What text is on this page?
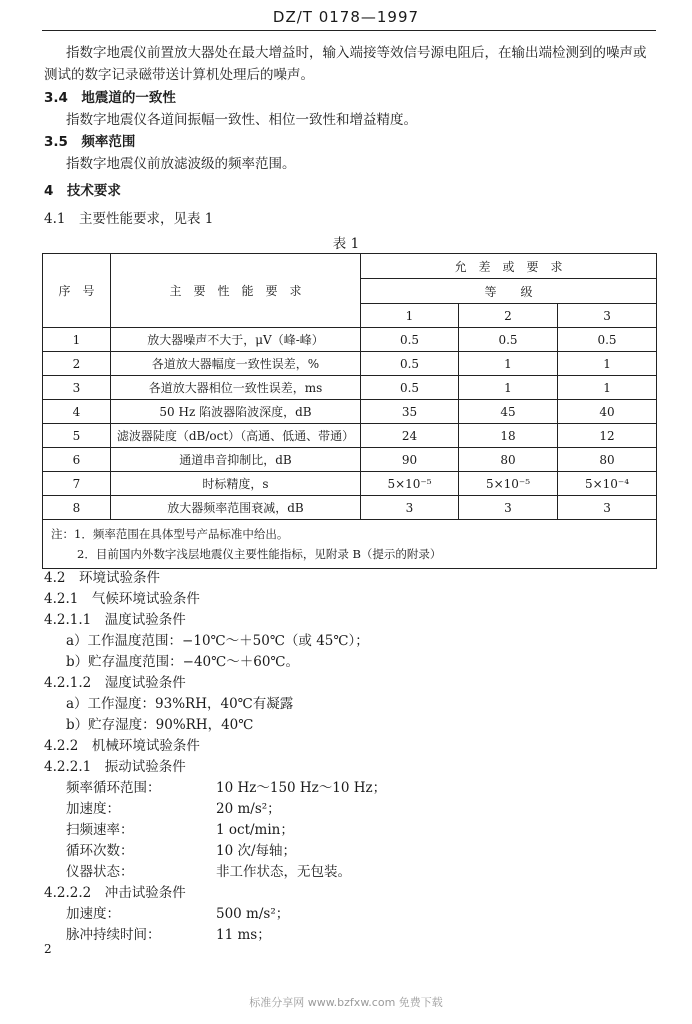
DZ/T 0178—1997
指数字地震仪前置放大器处在最大增益时，输入端接等效信号源电阻后，在输出端检测到的噪声或
测试的数字记录磁带送计算机处理后的噪声。
3.4　地震道的一致性
指数字地震仪各道间振幅一致性、相位一致性和增益精度。
3.5　频率范围
指数字地震仪前放滤波级的频率范围。
4　技术要求
4.1　主要性能要求，见表 1
表 1
序　号	主　要　性　能　要　求	允　差　或　要　求		
		等　　级		
		1	2	3
1	放大器噪声不大于，μV（峰-峰）	0.5	0.5	0.5
2	各道放大器幅度一致性误差，%	0.5	1	1
3	各道放大器相位一致性误差，ms	0.5	1	1
4	50 Hz 陷波器陷波深度，dB	35	45	40
5	滤波器陡度（dB/oct）（高通、低通、带通）	24	18	12
6	通道串音抑制比，dB	90	80	80
7	时标精度，s	5×10⁻⁵	5×10⁻⁵	5×10⁻⁴
8	放大器频率范围衰减，dB	3	3	3

注：1．频率范围在具体型号产品标准中给出。
2．目前国内外数字浅层地震仪主要性能指标，见附录 B（提示的附录）				
4.2　环境试验条件
4.2.1　气候环境试验条件
4.2.1.1　温度试验条件
a）工作温度范围：−10℃～＋50℃（或 45℃）；
b）贮存温度范围：−40℃～＋60℃。
4.2.1.2　湿度试验条件
a）工作湿度：93%RH，40℃有凝露
b）贮存湿度：90%RH，40℃
4.2.2　机械环境试验条件
4.2.2.1　振动试验条件
频率循环范围：	10 Hz～150 Hz～10 Hz；
加速度：	20 m/s²；
扫频速率：	1 oct/min；
循环次数：	10 次/每轴；
仪器状态：	非工作状态，无包装。
4.2.2.2　冲击试验条件
加速度：	500 m/s²；
脉冲持续时间：	11 ms；
2
标准分享网 www.bzfxw.com 免费下载
